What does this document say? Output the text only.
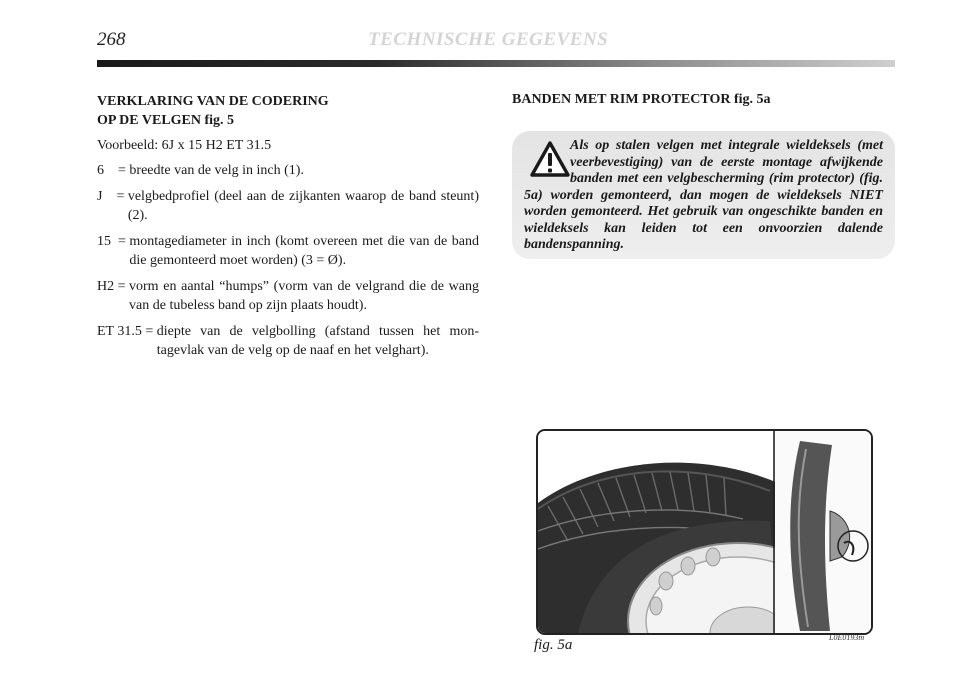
268	TECHNISCHE GEGEVENS
VERKLARING VAN DE CODERING
OP DE VELGEN fig. 5

Voorbeeld: 6J x 15 H2 ET 31.5

6    = breedte van de velg in inch (1).
J    = velgbedprofiel (deel aan de zijkanten waarop de band steunt) (2).
15  = montagediameter in inch (komt overeen met die van de band die gemonteerd moet worden) (3 = Ø).
H2 = vorm en aantal “humps” (vorm van de velgrand die de wang van de tubeless band op zijn plaats houdt).
ET 31.5 = diepte van de velgbolling (afstand tussen het mon-tagevlak van de velg op de naaf en het velghart).

BANDEN MET RIM PROTECTOR fig. 5a

Als op stalen velgen met integrale wieldeksels (met veerbevestiging) van de eerste montage afwijkende banden met een velgbescherming (rim protector) (fig. 5a) worden gemonteerd, dan mogen de wieldeksels NIET worden gemonteerd. Het gebruik van ongeschikte banden en wieldeksels kan leiden tot een onvoorzien dalende bandenspanning.
fig. 5a	L0E0193m
